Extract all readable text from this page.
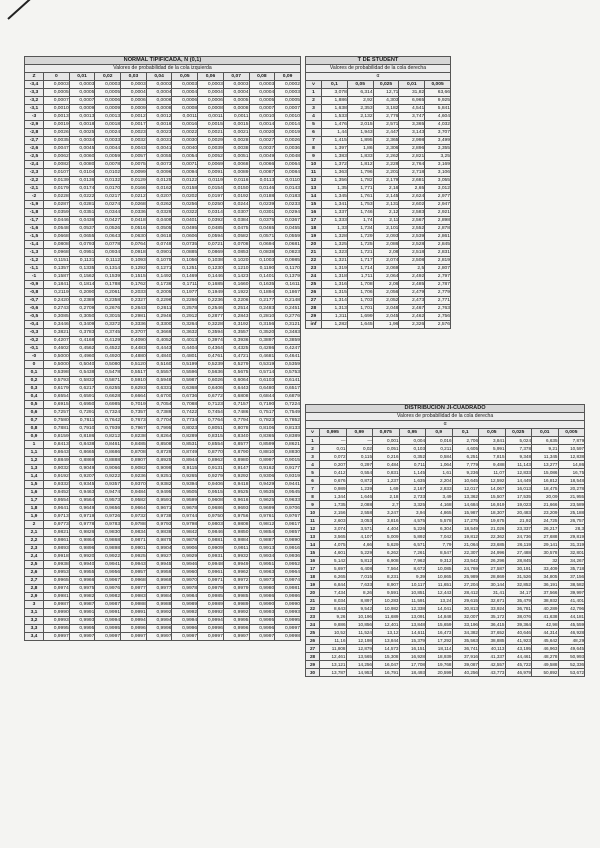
NORMAL TIPIFICADA, N (0,1)										
Valores de probabilidad de la cola izquierda										
Z	0	0,01	0,02	0,03	0,04	0,05	0,06	0,07	0,08	0,09
-3,4	0,0003	0,0003	0,0003	0,0003	0,0003	0,0003	0,0003	0,0003	0,0003	0,0002
-3,3	0,0005	0,0005	0,0005	0,0004	0,0004	0,0004	0,0004	0,0004	0,0004	0,0003
-3,2	0,0007	0,0007	0,0006	0,0006	0,0006	0,0006	0,0006	0,0005	0,0005	0,0005
-3,1	0,0010	0,0009	0,0009	0,0009	0,0008	0,0008	0,0008	0,0008	0,0007	0,0007
-3	0,0013	0,0013	0,0013	0,0012	0,0012	0,0011	0,0011	0,0011	0,0010	0,0010
-2,9	0,0019	0,0018	0,0018	0,0017	0,0016	0,0016	0,0015	0,0015	0,0014	0,0014
-2,8	0,0026	0,0025	0,0024	0,0023	0,0023	0,0022	0,0021	0,0021	0,0020	0,0019
-2,7	0,0035	0,0034	0,0033	0,0032	0,0031	0,0030	0,0029	0,0028	0,0027	0,0026
-2,6	0,0047	0,0045	0,0044	0,0043	0,0041	0,0040	0,0039	0,0038	0,0037	0,0036
-2,5	0,0062	0,0060	0,0059	0,0057	0,0055	0,0054	0,0052	0,0051	0,0049	0,0048
-2,4	0,0082	0,0080	0,0078	0,0075	0,0073	0,0071	0,0069	0,0068	0,0066	0,0064
-2,3	0,0107	0,0104	0,0102	0,0099	0,0096	0,0094	0,0091	0,0089	0,0087	0,0084
-2,2	0,0139	0,0136	0,0132	0,0129	0,0125	0,0122	0,0119	0,0116	0,0113	0,0110
-2,1	0,0179	0,0174	0,0170	0,0166	0,0162	0,0158	0,0154	0,0150	0,0146	0,0143
-2	0,0228	0,0222	0,0217	0,0212	0,0207	0,0202	0,0197	0,0192	0,0188	0,0183
-1,9	0,0287	0,0281	0,0274	0,0268	0,0262	0,0256	0,0250	0,0244	0,0239	0,0233
-1,8	0,0359	0,0351	0,0344	0,0336	0,0329	0,0322	0,0314	0,0307	0,0301	0,0294
-1,7	0,0446	0,0436	0,0427	0,0418	0,0409	0,0401	0,0392	0,0384	0,0375	0,0367
-1,6	0,0548	0,0537	0,0526	0,0516	0,0505	0,0495	0,0485	0,0475	0,0465	0,0455
-1,5	0,0668	0,0655	0,0643	0,0630	0,0618	0,0606	0,0594	0,0582	0,0571	0,0559
-1,4	0,0808	0,0793	0,0778	0,0764	0,0749	0,0735	0,0721	0,0708	0,0694	0,0681
-1,3	0,0968	0,0951	0,0934	0,0918	0,0901	0,0885	0,0869	0,0853	0,0838	0,0823
-1,2	0,1151	0,1131	0,1112	0,1093	0,1075	0,1056	0,1038	0,1020	0,1003	0,0985
-1,1	0,1357	0,1335	0,1314	0,1292	0,1271	0,1251	0,1230	0,1210	0,1190	0,1170
-1	0,1587	0,1562	0,1539	0,1515	0,1492	0,1469	0,1446	0,1423	0,1401	0,1379
-0,9	0,1841	0,1814	0,1788	0,1762	0,1736	0,1711	0,1685	0,1660	0,1635	0,1611
-0,8	0,2119	0,2090	0,2061	0,2033	0,2005	0,1977	0,1949	0,1922	0,1894	0,1867
-0,7	0,2420	0,2389	0,2358	0,2327	0,2296	0,2266	0,2236	0,2206	0,2177	0,2148
-0,6	0,2743	0,2709	0,2676	0,2643	0,2611	0,2578	0,2546	0,2514	0,2483	0,2451
-0,5	0,3085	0,3050	0,3015	0,2981	0,2946	0,2912	0,2877	0,2843	0,2810	0,2776
-0,4	0,3446	0,3409	0,3372	0,3336	0,3300	0,3264	0,3228	0,3192	0,3156	0,3121
-0,3	0,3821	0,3783	0,3745	0,3707	0,3669	0,3632	0,3594	0,3557	0,3520	0,3483
-0,2	0,4207	0,4168	0,4129	0,4090	0,4052	0,4013	0,3974	0,3936	0,3897	0,3859
-0,1	0,4602	0,4562	0,4522	0,4483	0,4443	0,4404	0,4364	0,4325	0,4286	0,4247
-0	0,5000	0,4960	0,4920	0,4880	0,4840	0,4801	0,4761	0,4721	0,4681	0,4641
0	0,5000	0,5040	0,5080	0,5120	0,5160	0,5199	0,5239	0,5279	0,5319	0,5359
0,1	0,5398	0,5438	0,5478	0,5517	0,5557	0,5596	0,5636	0,5675	0,5714	0,5753
0,2	0,5793	0,5832	0,5871	0,5910	0,5948	0,5987	0,6026	0,6064	0,6103	0,6141
0,3	0,6179	0,6217	0,6255	0,6293	0,6331	0,6368	0,6406	0,6443	0,6480	0,6517
0,4	0,6554	0,6591	0,6628	0,6664	0,6700	0,6736	0,6772	0,6808	0,6844	0,6879
0,5	0,6915	0,6950	0,6985	0,7019	0,7054	0,7088	0,7123	0,7157	0,7190	0,7224
0,6	0,7257	0,7291	0,7324	0,7357	0,7389	0,7422	0,7454	0,7486	0,7517	0,7549
0,7	0,7580	0,7611	0,7642	0,7673	0,7704	0,7734	0,7764	0,7794	0,7823	0,7852
0,8	0,7881	0,7910	0,7939	0,7967	0,7995	0,8023	0,8051	0,8078	0,8106	0,8133
0,9	0,8159	0,8186	0,8212	0,8238	0,8264	0,8289	0,8315	0,8340	0,8365	0,8389
1	0,8413	0,8438	0,8461	0,8485	0,8508	0,8531	0,8554	0,8577	0,8599	0,8621
1,1	0,8643	0,8665	0,8686	0,8708	0,8729	0,8749	0,8770	0,8790	0,8810	0,8830
1,2	0,8849	0,8869	0,8888	0,8907	0,8925	0,8944	0,8962	0,8980	0,8997	0,9015
1,3	0,9032	0,9049	0,9066	0,9082	0,9099	0,9115	0,9131	0,9147	0,9162	0,9177
1,4	0,9192	0,9207	0,9222	0,9236	0,9251	0,9265	0,9279	0,9292	0,9306	0,9319
1,5	0,9332	0,9345	0,9357	0,9370	0,9382	0,9394	0,9406	0,9418	0,9429	0,9441
1,6	0,9452	0,9463	0,9474	0,9484	0,9495	0,9505	0,9515	0,9525	0,9535	0,9545
1,7	0,9554	0,9564	0,9573	0,9582	0,9591	0,9599	0,9608	0,9616	0,9625	0,9633
1,8	0,9641	0,9649	0,9656	0,9664	0,9671	0,9678	0,9686	0,9693	0,9699	0,9706
1,9	0,9713	0,9719	0,9726	0,9732	0,9738	0,9744	0,9750	0,9756	0,9761	0,9767
2	0,9773	0,9778	0,9783	0,9788	0,9793	0,9798	0,9803	0,9808	0,9812	0,9817
2,1	0,9821	0,9826	0,9830	0,9834	0,9838	0,9842	0,9846	0,9850	0,9854	0,9857
2,2	0,9861	0,9864	0,9868	0,9871	0,9875	0,9878	0,9881	0,9884	0,9887	0,9890
2,3	0,9893	0,9896	0,9898	0,9901	0,9904	0,9906	0,9909	0,9911	0,9913	0,9916
2,4	0,9918	0,9920	0,9922	0,9925	0,9927	0,9929	0,9931	0,9932	0,9934	0,9936
2,5	0,9938	0,9940	0,9941	0,9943	0,9945	0,9946	0,9948	0,9949	0,9951	0,9952
2,6	0,9953	0,9955	0,9956	0,9957	0,9959	0,9960	0,9961	0,9962	0,9963	0,9964
2,7	0,9965	0,9966	0,9967	0,9968	0,9969	0,9970	0,9971	0,9972	0,9973	0,9974
2,8	0,9974	0,9975	0,9976	0,9977	0,9977	0,9978	0,9979	0,9979	0,9980	0,9981
2,9	0,9981	0,9982	0,9982	0,9983	0,9984	0,9984	0,9985	0,9985	0,9986	0,9986
3	0,9987	0,9987	0,9987	0,9988	0,9988	0,9989	0,9989	0,9989	0,9990	0,9990
3,1	0,9990	0,9991	0,9991	0,9991	0,9992	0,9992	0,9992	0,9992	0,9993	0,9993
3,2	0,9993	0,9993	0,9994	0,9994	0,9994	0,9994	0,9994	0,9995	0,9995	0,9995
3,3	0,9995	0,9995	0,9995	0,9996	0,9996	0,9996	0,9996	0,9996	0,9996	0,9997
3,4	0,9997	0,9997	0,9997	0,9997	0,9997	0,9997	0,9997	0,9997	0,9997	0,9998
T DE STUDENT					
Valores de probabilidad de la cola derecha					
α					
ν	0,1	0,05	0,025	0,01	0,005
1	3,078	6,314	12,71	31,82	63,66
2	1,886	2,92	4,303	6,965	9,925
3	1,638	2,353	3,182	4,541	5,841
4	1,533	2,132	2,776	3,747	4,604
5	1,476	2,015	2,571	3,365	4,032
6	1,44	1,943	2,447	3,143	3,707
7	1,415	1,895	2,365	2,998	3,499
8	1,397	1,86	2,306	2,896	3,355
9	1,383	1,833	2,262	2,821	3,25
10	1,372	1,812	2,228	2,764	3,169
11	1,363	1,796	2,201	2,718	3,106
12	1,356	1,782	2,179	2,681	3,055
13	1,35	1,771	2,16	2,65	3,012
14	1,345	1,761	2,145	2,624	2,977
15	1,341	1,753	2,131	2,602	2,947
16	1,337	1,746	2,12	2,583	2,921
17	1,333	1,74	2,11	2,567	2,898
18	1,33	1,734	2,101	2,552	2,878
19	1,328	1,729	2,093	2,539	2,861
20	1,325	1,725	2,086	2,528	2,845
21	1,323	1,721	2,08	2,518	2,831
22	1,321	1,717	2,074	2,508	2,819
23	1,319	1,714	2,069	2,5	2,807
24	1,318	1,711	2,064	2,492	2,797
25	1,316	1,708	2,06	2,485	2,787
26	1,315	1,706	2,056	2,479	2,779
27	1,314	1,703	2,052	2,473	2,771
28	1,313	1,701	2,048	2,467	2,763
29	1,311	1,699	2,045	2,462	2,756
inf	1,282	1,645	1,96	2,326	2,576
DISTRIBUCIÓN JI-CUADRADO										
Valores de probabilidad de la cola derecha										
α										
ν	0,995	0,99	0,975	0,95	0,9	0,1	0,05	0,025	0,01	0,005
1	—	—	0,001	0,004	0,016	2,706	3,841	5,024	6,635	7,879
2	0,01	0,02	0,051	0,103	0,211	4,605	5,991	7,378	9,21	10,597
3	0,072	0,115	0,216	0,352	0,584	6,251	7,815	9,348	11,345	12,838
4	0,207	0,297	0,484	0,711	1,064	7,779	9,488	11,143	13,277	14,86
5	0,412	0,554	0,831	1,145	1,61	9,236	11,07	12,833	15,086	16,75
6	0,676	0,872	1,237	1,635	2,204	10,645	12,592	14,449	16,812	18,548
7	0,989	1,239	1,69	2,167	2,833	12,017	14,067	16,013	18,475	20,278
8	1,344	1,646	2,18	2,733	3,49	13,362	15,507	17,535	20,09	21,955
9	1,735	2,088	2,7	3,325	4,168	14,684	16,919	19,023	21,666	23,589
10	2,156	2,558	3,247	3,94	4,865	15,987	18,307	20,483	23,209	25,188
11	2,603	3,053	3,816	4,575	5,578	17,275	19,675	21,92	24,725	26,757
12	3,074	3,571	4,404	5,226	6,304	18,549	21,026	23,337	26,217	28,3
13	3,565	4,107	5,009	5,892	7,042	19,812	22,362	24,736	27,688	29,819
14	4,075	4,66	5,629	6,571	7,79	21,064	23,685	26,119	29,141	31,319
15	4,601	5,229	6,262	7,261	8,547	22,307	24,996	27,488	30,578	32,801
16	5,142	5,812	6,908	7,962	9,312	23,542	26,296	28,845	32	34,267
17	5,697	6,408	7,564	8,672	10,085	24,769	27,587	30,191	33,409	35,718
18	6,265	7,015	8,231	9,39	10,865	25,989	28,869	31,526	34,805	37,156
19	6,844	7,633	8,907	10,117	11,651	27,204	30,144	32,852	36,191	38,582
20	7,434	8,26	9,591	10,851	12,443	28,412	31,41	34,17	37,566	39,997
21	8,034	8,897	10,283	11,591	13,24	29,615	32,671	35,479	38,932	41,401
22	8,643	9,542	10,982	12,338	14,041	30,813	33,924	36,781	40,289	42,796
23	9,26	10,196	11,689	13,091	14,848	32,007	35,172	38,076	41,638	44,181
24	9,886	10,856	12,401	13,848	15,659	33,196	36,415	39,364	42,98	45,559
25	10,52	11,524	13,12	14,611	16,473	34,382	37,652	40,646	44,314	46,928
26	11,16	12,198	13,844	15,379	17,292	35,563	38,885	41,923	45,642	48,29
27	11,808	12,879	14,573	16,151	18,114	36,741	40,113	43,195	46,963	49,645
28	12,461	13,565	15,308	16,928	18,939	37,916	41,337	44,461	48,278	50,993
29	13,121	14,256	16,047	17,708	19,768	39,087	42,557	45,722	49,588	52,336
30	13,787	14,953	16,791	18,493	20,599	40,256	43,773	46,979	50,892	53,672
